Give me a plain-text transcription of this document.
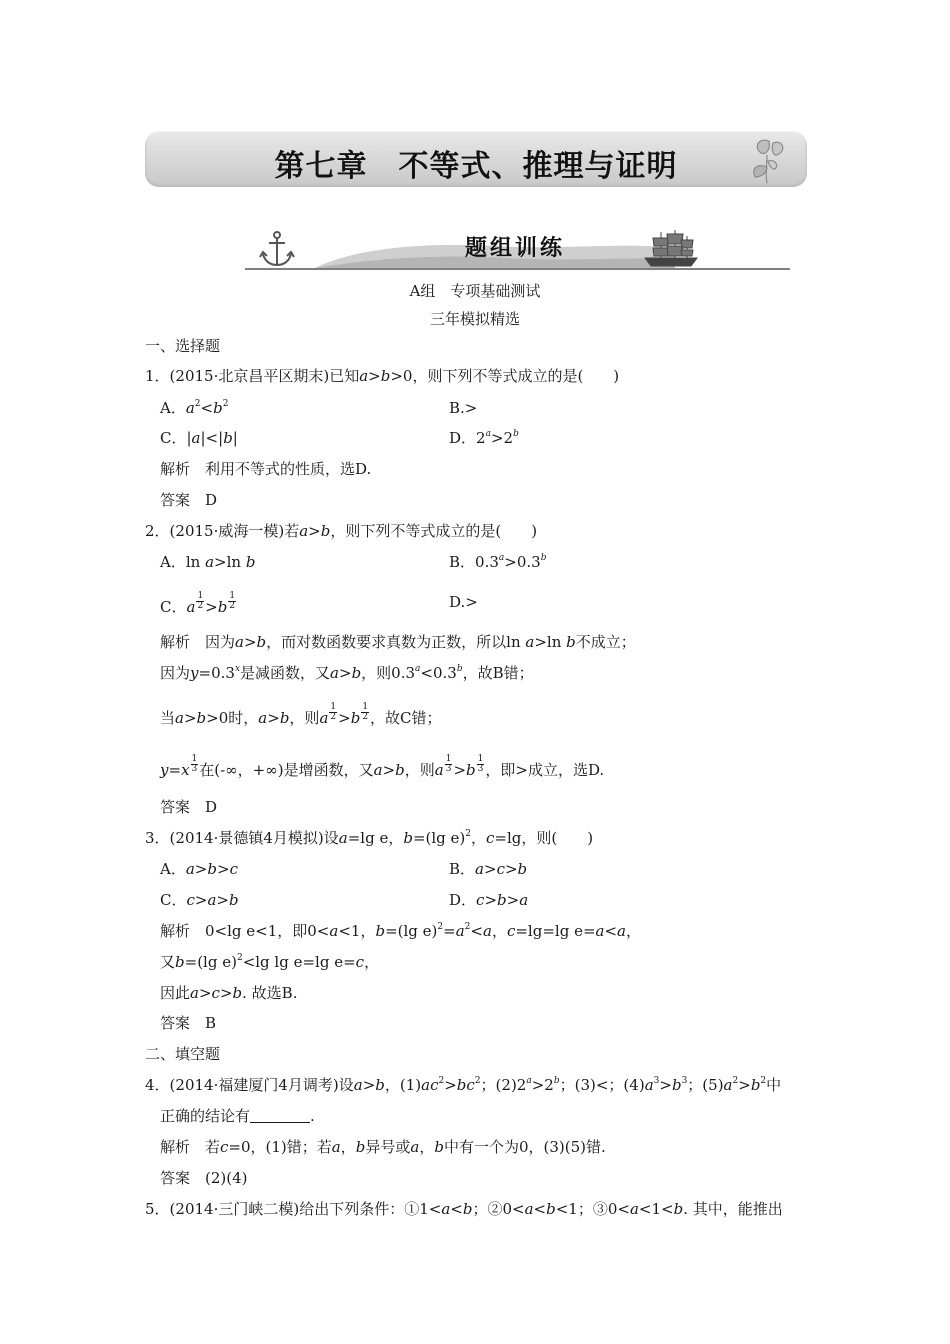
第七章　不等式、推理与证明
题组训练
A组　专项基础测试
三年模拟精选
一、选择题
1．(2015·北京昌平区期末)已知a>b>0，则下列不等式成立的是(　　)
A．$a^2<b^2$	B.>
C．|a|<|b|	D．$2^a>2^b$
解析　利用不等式的性质，选D.
答案　D
2．(2015·威海一模)若a>b，则下列不等式成立的是(　　)
A．ln a>ln b	B．0.3$^a$>0.3$^b$
C．a $\frac{1}{2} >b \frac{1}{2}$	D.>
解析　因为a>b，而对数函数要求真数为正数，所以ln a>ln b不成立；
因为$y=0.3^x$是减函数，又a>b，则0.3$^a$<0.3$^b$，故B错；
当a>b>0时，a>b，则a $\frac{1}{2} >b \frac{1}{2}$ ，故C错；
$y=x \frac{1}{3}$ 在(-∞，+∞)是增函数，又a>b，则a $\frac{1}{3} >b \frac{1}{3}$ ，即>成立，选D.
答案　D
3．(2014·景德镇4月模拟)设a=lg e，b=(lg e)$^2$，c=lg，则(　　)
A．a>b>c	B．a>c>b
C．c>a>b	D．c>b>a
解析　0<lg e<1，即0<a<1，b=(lg $e)^2=a^2<a$，c=lg=lg e=a<a，
又b=(lg e)$^2$<lg lg e=lg e=c，
因此a>c>b. 故选B.
答案　B
二、填空题
4．(2014·福建厦门4月调考)设a>b，$(1)ac^2>bc^2$；$(2)2^a>2^b$；(3)<；$(4)a^3>b^3$；$(5)a^2>b^2$中
正确的结论有	.
解析　若c=0，(1)错；若a，b异号或a，b中有一个为0，(3)(5)错.
答案　(2)(4)
5．(2014·三门峡二模)给出下列条件：①1<a<b；②0<a<b<1；③0<a<1<b. 其中，能推出
